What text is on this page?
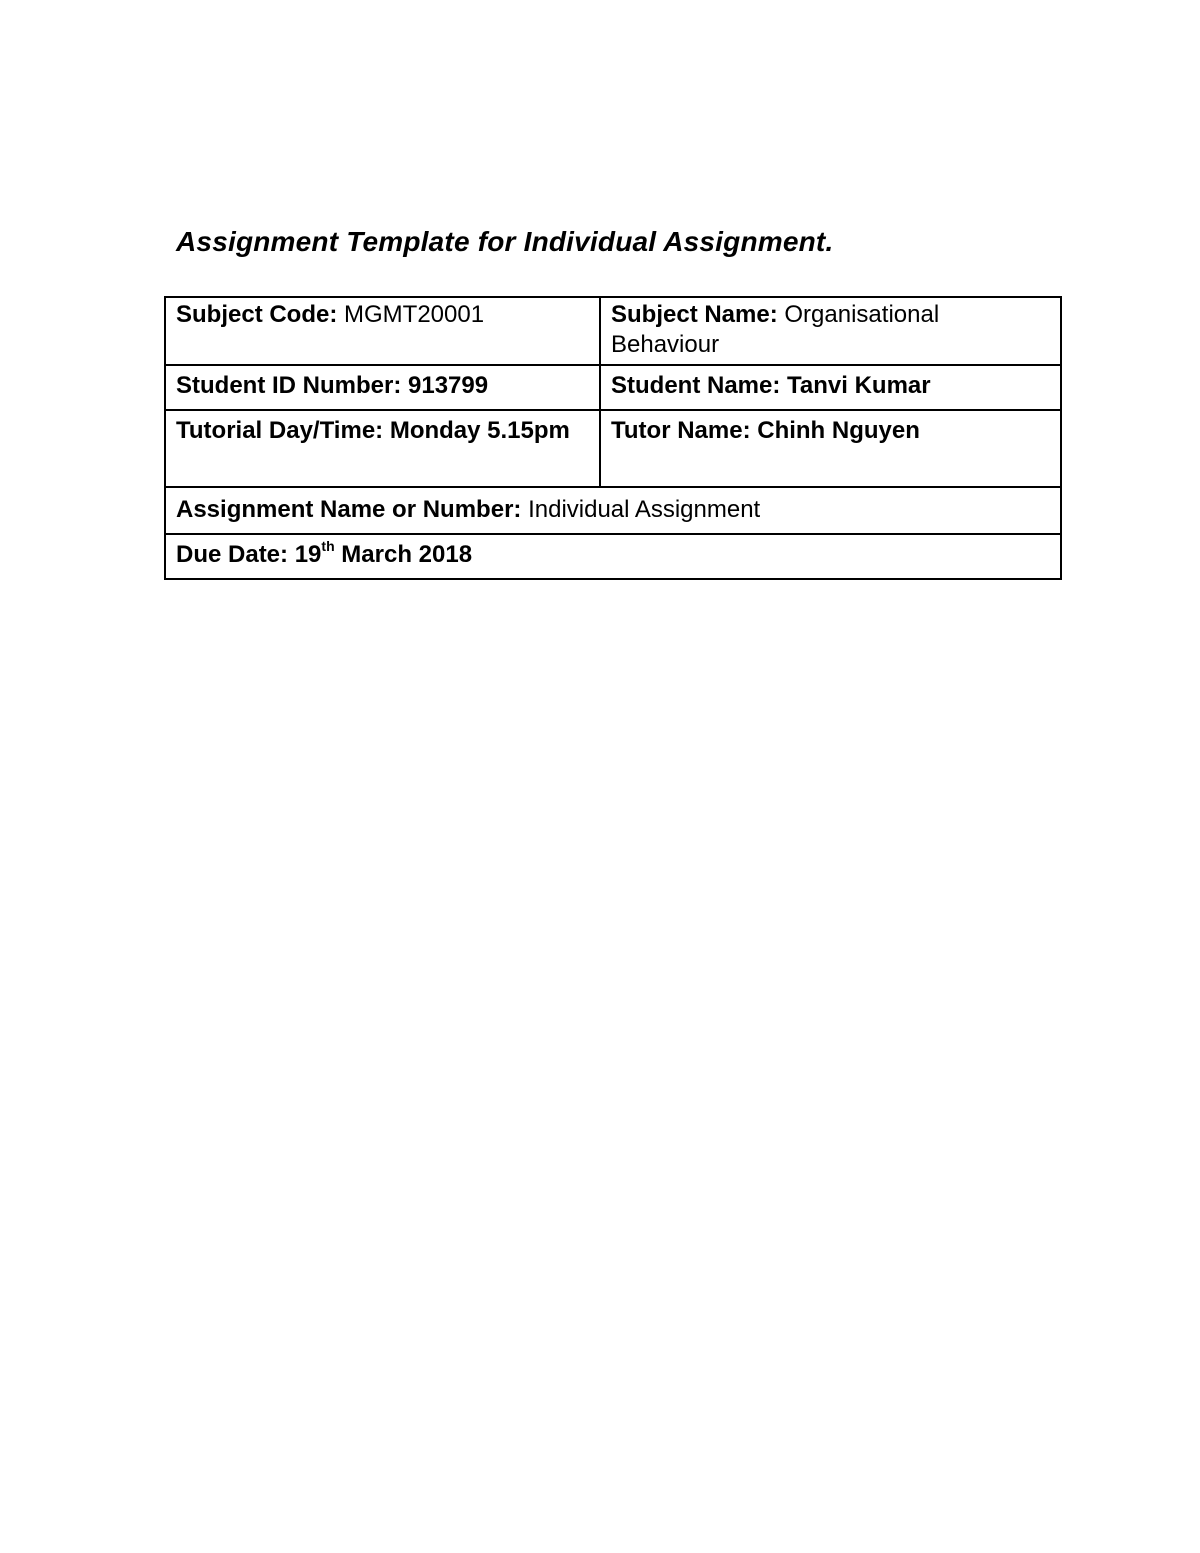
Assignment Template for Individual Assignment.
Subject Code: MGMT20001	Subject Name: Organisational Behaviour
Student ID Number: 913799	Student Name: Tanvi Kumar
Tutorial Day/Time: Monday 5.15pm	Tutor Name: Chinh Nguyen
Assignment Name or Number: Individual Assignment	
Due Date: 19th March 2018	
